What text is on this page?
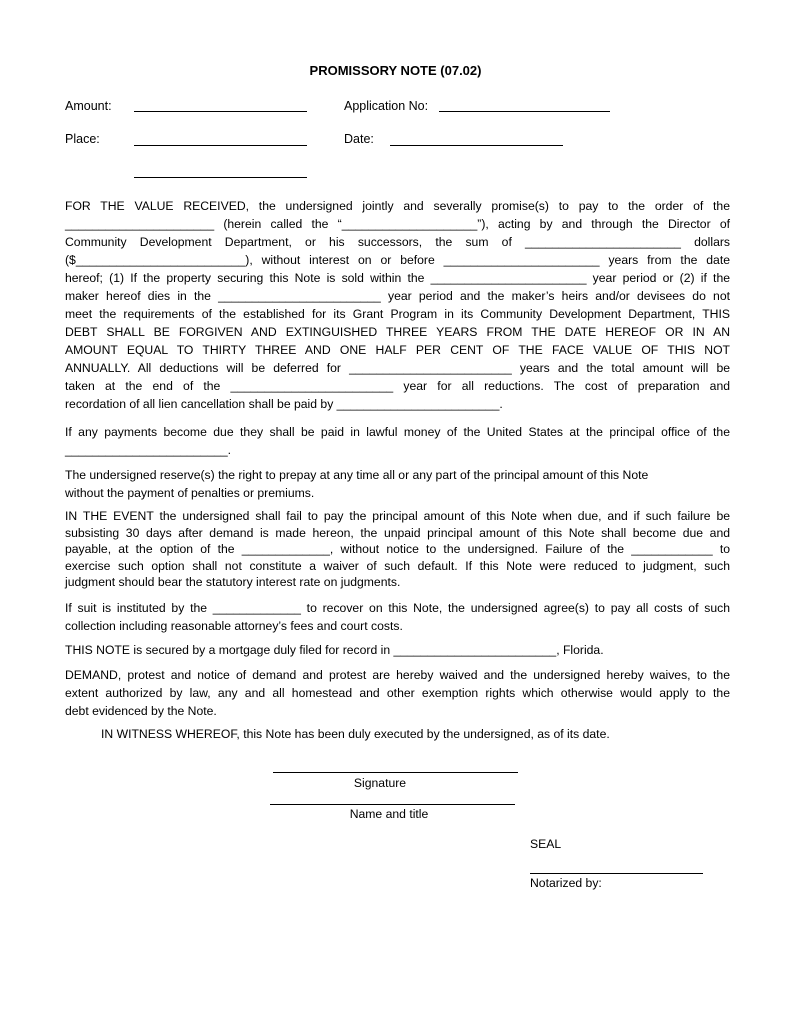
PROMISSORY NOTE (07.02)
Amount:	Application No:
Place:	Date:
FOR THE VALUE RECEIVED, the undersigned jointly and severally promise(s) to pay to the order of the
______________________ (herein called the “____________________”), acting by and through the Director of
Community Development Department, or his successors, the sum of _______________________ dollars
($_________________________), without interest on or before _______________________ years from the date
hereof; (1) If the property securing this Note is sold within the _______________________ year period or (2) if the
maker hereof dies in the ________________________ year period and the maker’s heirs and/or devisees do not
meet the requirements of the established for its Grant Program in its Community Development Department, THIS
DEBT SHALL BE FORGIVEN AND EXTINGUISHED THREE YEARS FROM THE DATE HEREOF OR IN AN
AMOUNT EQUAL TO THIRTY THREE AND ONE HALF PER CENT OF THE FACE VALUE OF THIS NOT
ANNUALLY. All deductions will be deferred for ________________________ years and the total amount will be
taken at the end of the ________________________ year for all reductions. The cost of preparation and
recordation of all lien cancellation shall be paid by ________________________.
If any payments become due they shall be paid in lawful money of the United States at the principal office of the
________________________.
The undersigned reserve(s) the right to prepay at any time all or any part of the principal amount of this Note
without the payment of penalties or premiums.
IN THE EVENT the undersigned shall fail to pay the principal amount of this Note when due, and if such failure be
subsisting 30 days after demand is made hereon, the unpaid principal amount of this Note shall become due and
payable, at the option of the _____________, without notice to the undersigned. Failure of the ____________ to
exercise such option shall not constitute a waiver of such default. If this Note were reduced to judgment, such
judgment should bear the statutory interest rate on judgments.
If suit is instituted by the _____________ to recover on this Note, the undersigned agree(s) to pay all costs of such
collection including reasonable attorney’s fees and court costs.
THIS NOTE is secured by a mortgage duly filed for record in ________________________, Florida.
DEMAND, protest and notice of demand and protest are hereby waived and the undersigned hereby waives, to the
extent authorized by law, any and all homestead and other exemption rights which otherwise would apply to the
debt evidenced by the Note.
IN WITNESS WHEREOF, this Note has been duly executed by the undersigned, as of its date.
Signature
Name and title
SEAL
Notarized by:
